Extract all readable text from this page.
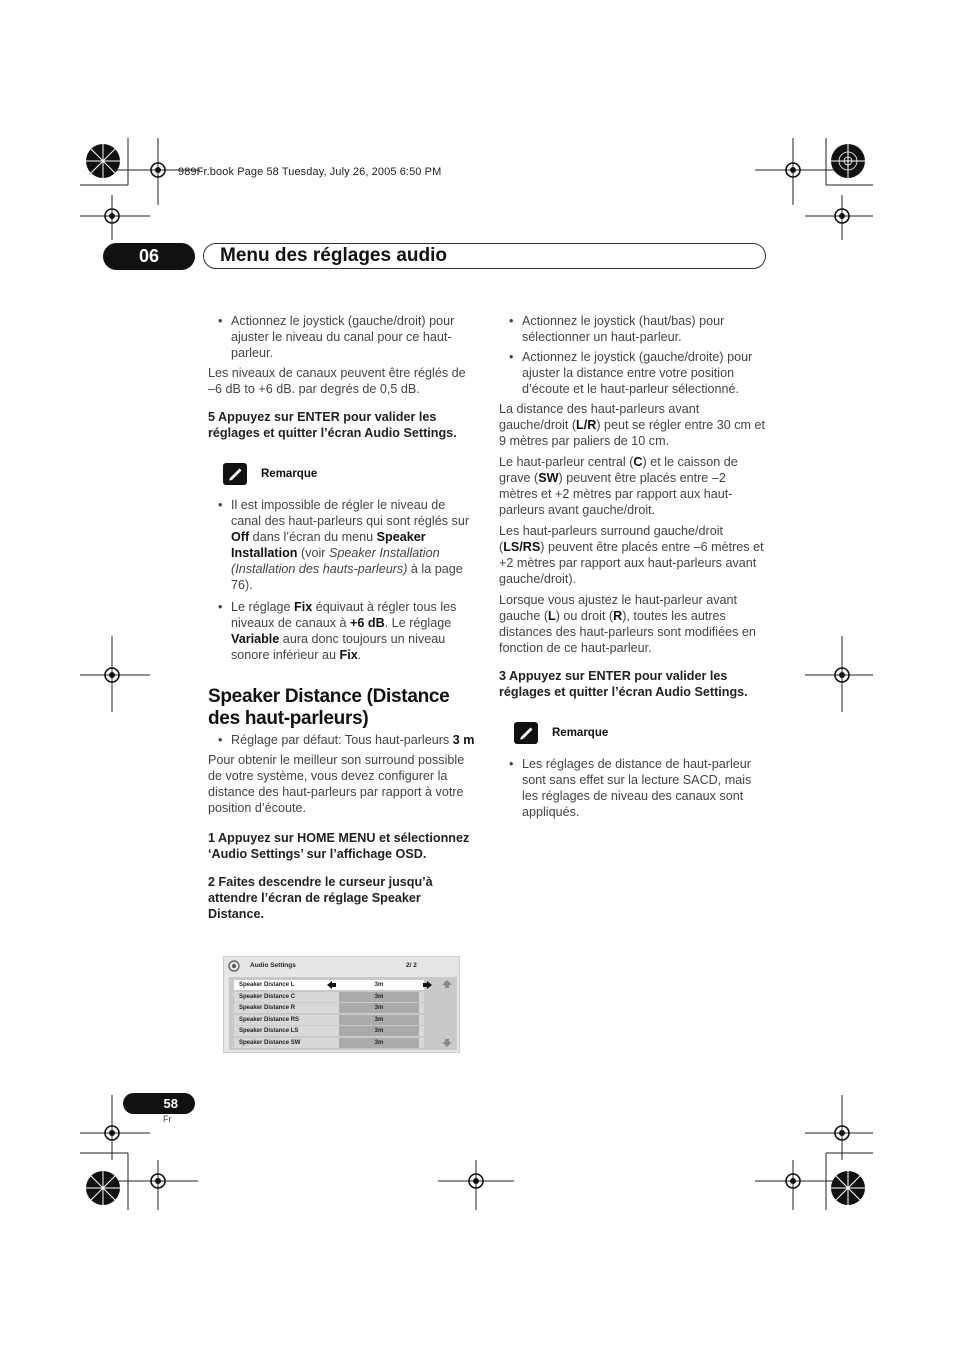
989Fr.book Page 58 Tuesday, July 26, 2005 6:50 PM
06	Menu des réglages audio
• Actionnez le joystick (gauche/droit) pour ajuster le niveau du canal pour ce haut-parleur.

Les niveaux de canaux peuvent être réglés de –6 dB to +6 dB. par degrés de 0,5 dB.

5 Appuyez sur ENTER pour valider les réglages et quitter l’écran Audio Settings.

Remarque
• Il est impossible de régler le niveau de canal des haut-parleurs qui sont réglés sur Off dans l’écran du menu Speaker Installation (voir Speaker Installation (Installation des hauts-parleurs) à la page 76).
• Le réglage Fix équivaut à régler tous les niveaux de canaux à +6 dB. Le réglage Variable aura donc toujours un niveau sonore inférieur au Fix.
Speaker Distance (Distance des haut-parleurs)
• Réglage par défaut: Tous haut-parleurs 3 m

Pour obtenir le meilleur son surround possible de votre système, vous devez configurer la distance des haut-parleurs par rapport à votre position d’écoute.

1 Appuyez sur HOME MENU et sélectionnez ‘Audio Settings’ sur l’affichage OSD.

2 Faites descendre le curseur jusqu’à attendre l’écran de réglage Speaker Distance.

Audio Settings	2/ 2
Speaker Distance L	3m
Speaker Distance C	3m
Speaker Distance R	3m
Speaker Distance RS	3m
Speaker Distance LS	3m
Speaker Distance SW	3m
• Actionnez le joystick (haut/bas) pour sélectionner un haut-parleur.
• Actionnez le joystick (gauche/droite) pour ajuster la distance entre votre position d’écoute et le haut-parleur sélectionné.

La distance des haut-parleurs avant gauche/droit (L/R) peut se régler entre 30 cm et 9 mètres par paliers de 10 cm.

Le haut-parleur central (C) et le caisson de grave (SW) peuvent être placés entre –2 mètres et +2 mètres par rapport aux haut-parleurs avant gauche/droit.

Les haut-parleurs surround gauche/droit (LS/RS) peuvent être placés entre –6 mètres et +2 mètres par rapport aux haut-parleurs avant gauche/droit).

Lorsque vous ajustez le haut-parleur avant gauche (L) ou droit (R), toutes les autres distances des haut-parleurs sont modifiées en fonction de ce haut-parleur.

3 Appuyez sur ENTER pour valider les réglages et quitter l’écran Audio Settings.

Remarque
• Les réglages de distance de haut-parleur sont sans effet sur la lecture SACD, mais les réglages de niveau des canaux sont appliqués.
58
Fr
